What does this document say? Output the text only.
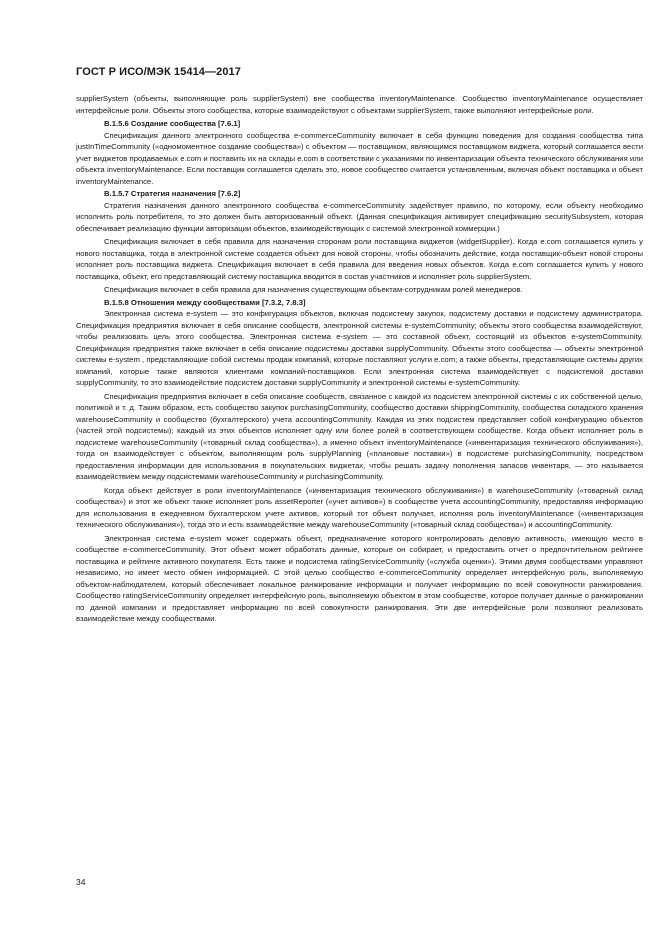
ГОСТ Р ИСО/МЭК 15414—2017

supplierSystem (объекты, выполняющие роль supplierSystem) вне сообщества inventoryMaintenance. Сообщество inventoryMaintenance осуществляет интерфейсные роли. Объекты этого сообщества, которые взаимодействуют с объектами supplierSystem, также выполняют интерфейсные роли.

B.1.5.6 Создание сообщества [7.6.1]

Спецификация данного электронного сообщества e-commerceCommunity включает в себя функцию поведения для создания сообщества типа justInTimeCommunity («одномоментное создание сообщества») с объектом — поставщиком, являющимся поставщиком виджета, который соглашается вести учет виджетов продаваемых e.com и поставить их на склады e.com в соответствии с указаниями по инвентаризации объекта технического обслуживания или объекта inventoryMaintenance. Если поставщик соглашается сделать это, новое сообщество считается установленным, включая объект поставщика и объект inventoryMaintenance.

B.1.5.7 Стратегия назначения [7.6.2]

Стратегия назначения данного электронного сообщества e-commerceCommunity задействует правило, по которому, если объекту необходимо исполнить роль потребителя, то это должен быть авторизованный объект. (Данная спецификация активирует спецификацию securitySubsystem, которая обеспечивает реализацию функции авторизации объектов, взаимодействующих с системой электронной коммерции.)

Спецификация включает в себя правила для назначения сторонам роли поставщика виджетов (widgetSupplier). Когда e.com соглашается купить у нового поставщика, тогда в электронной системе создается объект для новой стороны, чтобы обозначить действие, когда поставщик-объект новой стороны исполняет роль поставщика виджета. Спецификация включает в себя правила для введения новых объектов. Когда e.com соглашается купить у нового поставщика, объект, его представляющий систему поставщика вводится в состав участников и исполняет роль supplierSystem.

Спецификация включает в себя правила для назначения существующим объектам-сотрудникам ролей менеджеров.

B.1.5.8 Отношения между сообществами [7.3.2, 7.8.3]

Электронная система e-system — это конфигурация объектов, включая подсистему закупок, подсистему доставки и подсистему администратора. Спецификация предприятия включает в себя описание сообществ, электронной системы e-systemCommunity; объекты этого сообщества взаимодействуют, чтобы реализовать цель этого сообщества. Электронная система e-system — это составной объект, состоящий из объектов e-systemCommunity. Спецификация предприятия также включает в себя описание подсистемы доставки supplyCommunity. Объекты этого сообщества — объекты электронной системы e-system , представляющие собой системы продаж компаний, которые поставляют услуги e.com; а также объекты, представляющие системы других компаний, которые также являются клиентами компаний-поставщиков. Если электронная система взаимодействует с подсистемой доставки supplyCommunity, то это взаимодействие подсистем доставки supplyCommunity и электронной системы e-systemCommunity.

Спецификация предприятия включает в себя описание сообществ, связанное с каждой из подсистем электронной системы с их собственной целью, политикой и т. д. Таким образом, есть сообщество закупок purchasingCommunity, сообщество доставки shippingCommunity, сообщества складского хранения warehouseCommunity и сообщество (бухгалтерского) учета accountingCommunity. Каждая из этих подсистем представляет собой конфигурацию объектов (частей этой подсистемы); каждый из этих объектов исполняет одну или более ролей в соответствующем сообществе. Когда объект исполняет роль в подсистеме warehouseCommunity («товарный склад сообщества»), а именно объект inventoryMaintenance («инвентаризация технического обслуживания»), тогда он взаимодействует с объектом, выполняющим роль supplyPlanning («плановые поставки») в подсистеме purchasingCommunity, посредством предоставления информации для использования в покупательских виджетах, чтобы решать задачу пополнения запасов инвентаря, — это называется взаимодействием между подсистемами warehouseCommunity и purchasingCommunity.

Когда объект действует в роли inventoryMaintenance («инвентаризация технического обслуживания») в warehouseCommunity («товарный склад сообщества») и этот же объект также исполняет роль assetReporter («учет активов») в сообществе учета accountingCommunity, предоставляя информацию для использования в ежедневном бухгалтерском учете активов, который тот объект получает, исполняя роль inventoryMaintenance («инвентаризация технического обслуживания»), тогда это и есть взаимодействие между warehouseCommunity («товарный склад сообщества») и accountingCommunity.

Электронная система e-system может содержать объект, предназначение которого контролировать деловую активность, имеющую место в сообществе e-commerceCommunity. Этот объект может обработать данные, которые он собирает, и предоставить отчет о предпочтительном рейтинге поставщика и рейтинге активного покупателя. Есть также и подсистема ratingServiceCommunity («служба оценки»). Этими двумя сообществами управляют независимо, но имеет место обмен информацией. С этой целью сообщество e-commerceCommunity определяет интерфейсную роль, выполняемую объектом-наблюдателем, который обеспечивает локальное ранжирование информации и получает информацию по всей совокупности ранжирования. Сообщество ratingServiceCommunity определяет интерфейсную роль, выполняемую объектом в этом сообществе, которое получает данные о ранжировании по данной компании и предоставляет информацию по всей совокупности ранжирования. Эти две интерфейсные роли позволяют реализовать взаимодействие между сообществами.

34
